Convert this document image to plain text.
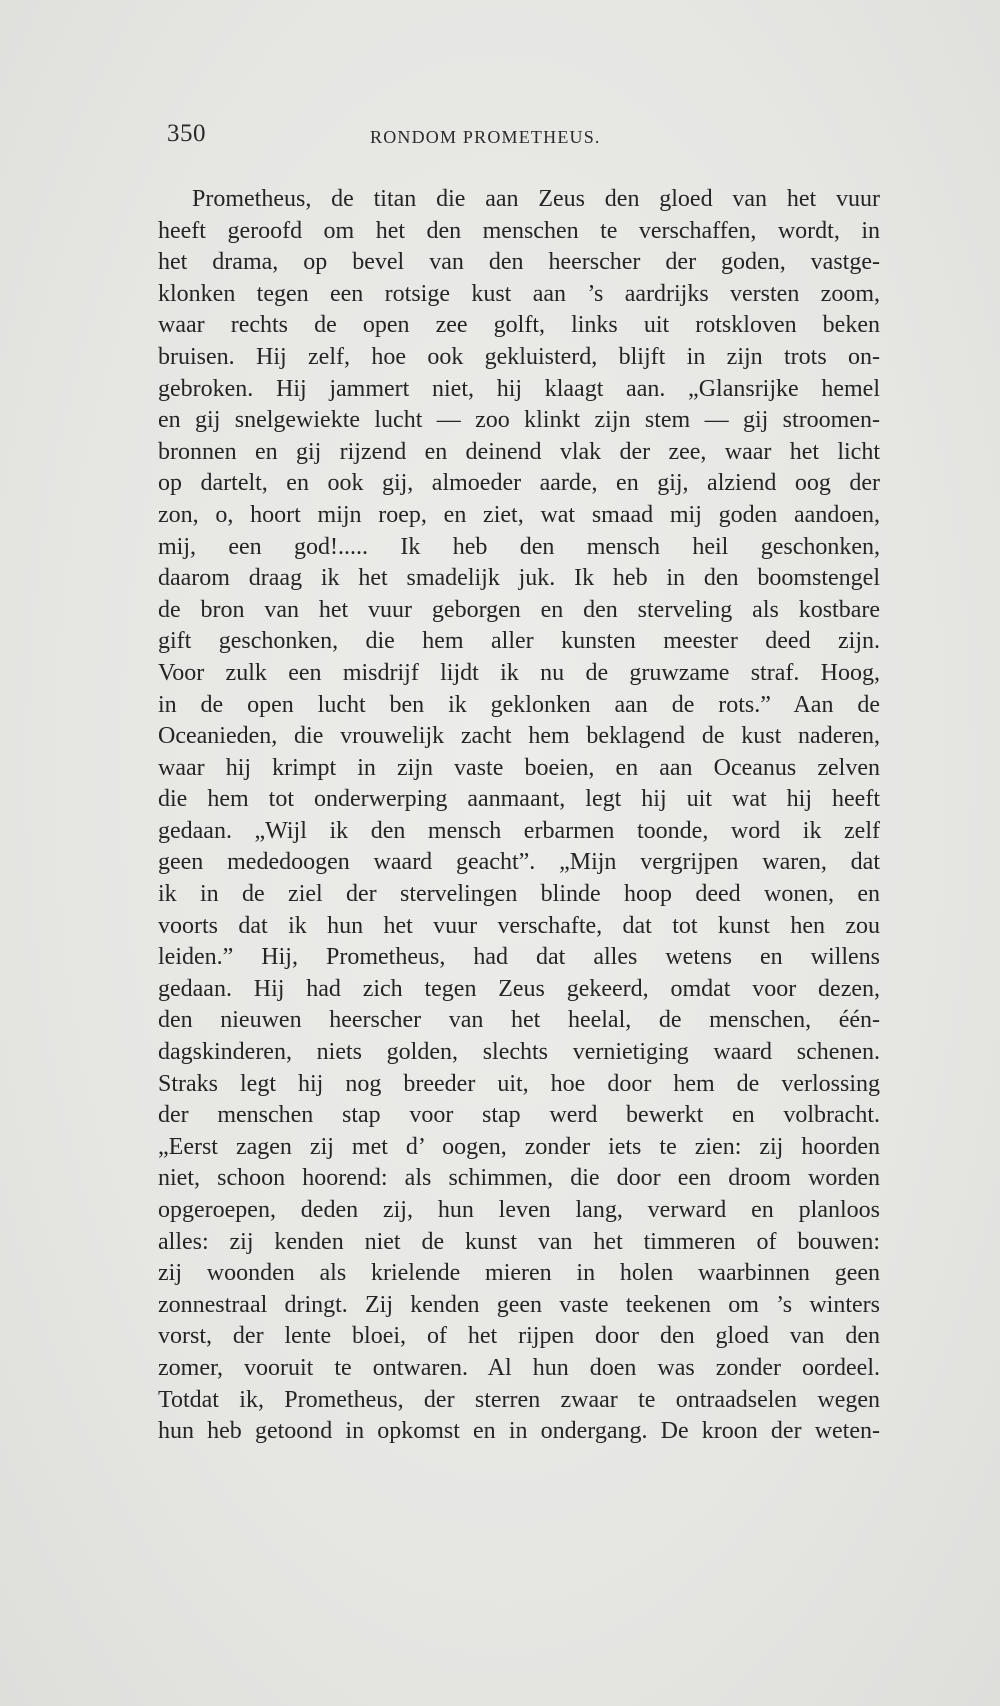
350	RONDOM PROMETHEUS.
Prometheus, de titan die aan Zeus den gloed van het vuur
heeft geroofd om het den menschen te verschaffen, wordt, in
het drama, op bevel van den heerscher der goden, vastge-
klonken tegen een rotsige kust aan ’s aardrijks versten zoom,
waar rechts de open zee golft, links uit rotskloven beken
bruisen. Hij zelf, hoe ook gekluisterd, blijft in zijn trots on-
gebroken. Hij jammert niet, hij klaagt aan. „Glansrijke hemel
en gij snelgewiekte lucht — zoo klinkt zijn stem — gij stroomen-
bronnen en gij rijzend en deinend vlak der zee, waar het licht
op dartelt, en ook gij, almoeder aarde, en gij, alziend oog der
zon, o, hoort mijn roep, en ziet, wat smaad mij goden aandoen,
mij, een god!..... Ik heb den mensch heil geschonken,
daarom draag ik het smadelijk juk. Ik heb in den boomstengel
de bron van het vuur geborgen en den sterveling als kostbare
gift geschonken, die hem aller kunsten meester deed zijn.
Voor zulk een misdrijf lijdt ik nu de gruwzame straf. Hoog,
in de open lucht ben ik geklonken aan de rots.” Aan de
Oceanieden, die vrouwelijk zacht hem beklagend de kust naderen,
waar hij krimpt in zijn vaste boeien, en aan Oceanus zelven
die hem tot onderwerping aanmaant, legt hij uit wat hij heeft
gedaan. „Wijl ik den mensch erbarmen toonde, word ik zelf
geen mededoogen waard geacht”. „Mijn vergrijpen waren, dat
ik in de ziel der stervelingen blinde hoop deed wonen, en
voorts dat ik hun het vuur verschafte, dat tot kunst hen zou
leiden.” Hij, Prometheus, had dat alles wetens en willens
gedaan. Hij had zich tegen Zeus gekeerd, omdat voor dezen,
den nieuwen heerscher van het heelal, de menschen, één-
dagskinderen, niets golden, slechts vernietiging waard schenen.
Straks legt hij nog breeder uit, hoe door hem de verlossing
der menschen stap voor stap werd bewerkt en volbracht.
„Eerst zagen zij met d’ oogen, zonder iets te zien: zij hoorden
niet, schoon hoorend: als schimmen, die door een droom worden
opgeroepen, deden zij, hun leven lang, verward en planloos
alles: zij kenden niet de kunst van het timmeren of bouwen:
zij woonden als krielende mieren in holen waarbinnen geen
zonnestraal dringt. Zij kenden geen vaste teekenen om ’s winters
vorst, der lente bloei, of het rijpen door den gloed van den
zomer, vooruit te ontwaren. Al hun doen was zonder oordeel.
Totdat ik, Prometheus, der sterren zwaar te ontraadselen wegen
hun heb getoond in opkomst en in ondergang. De kroon der weten-
